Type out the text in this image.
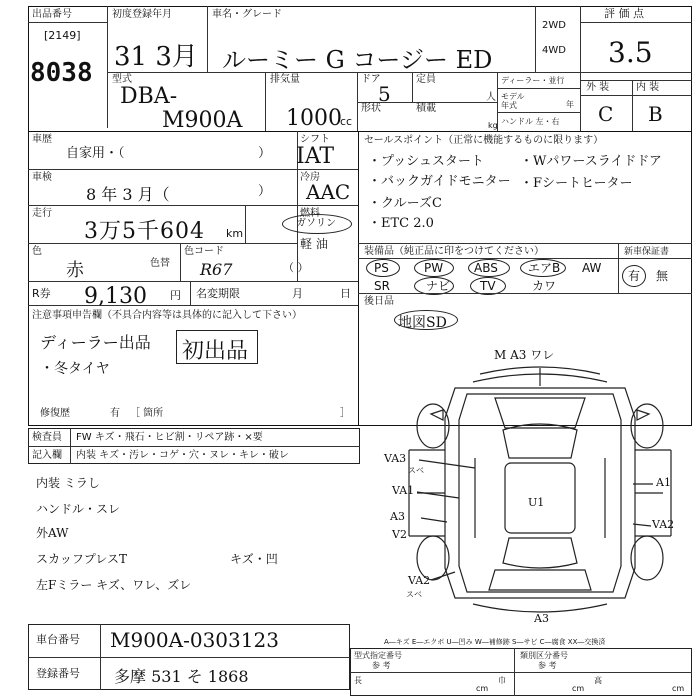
出品番号
[2149]
8038
初度登録年月
31 3月
車名・グレード
ルーミー G コージー ED
2WD
4WD
評 価 点
3.5
型式
DBA-
M900A
排気量
1000
cc
ドア
5
定員
人
形状	積載
kg
ディーラー・並行
モデル年式	年
ハンドル 左・右
外 装	内 装
C B
車歴
自家用・（	）
シフト
IAT
車検
8 年 3 月（	）
冷房
AAC
走行
3万5千604 km
燃料
ガソリン
軽 油
（ ）
色
赤
色コード
R67
色替
R券 9,130 円 名変期限	月	日
セールスポイント（正常に機能するものに限ります）
・プッシュスタート	・Wパワースライドドア
・バックガイドモニター ・Fシートヒーター
・クルーズC
・ETC 2.0
装備品（純正品に印をつけてください）	新車保証書
PS	PW	ABS	エアB AW
SR	ナビ TV	カワ
有 無
後日品
地図SD
注意事項申告欄（不具合内容等は具体的に記入して下さい）
ディーラー出品
・冬タイヤ
初出品
修復歴	有 ［ 箇所	］
検査員
記入欄
FW キズ・飛石・ヒビ割・リペア跡・×要
内装 キズ・汚レ・コゲ・穴・ヌレ・キレ・破レ
内装 ミラし
ハンドル・スレ
外AW
スカッフプレスT	キズ・凹
左Fミラー キズ、ワレ、ズレ
M A3 ワレ
VA3
スベ
VA1
A3
V2
VA2
スベ
A1
VA2
U1
A3
A―キズ E―エクボ U―凹み W―補修跡 S―サビ C―腐食 XX―交換済
車台番号 M900A-0303123
登録番号 多摩 531 そ 1868
型式指定番号
参 考
類別区分番号
参 考
長
cm
巾
cm
高
cm
